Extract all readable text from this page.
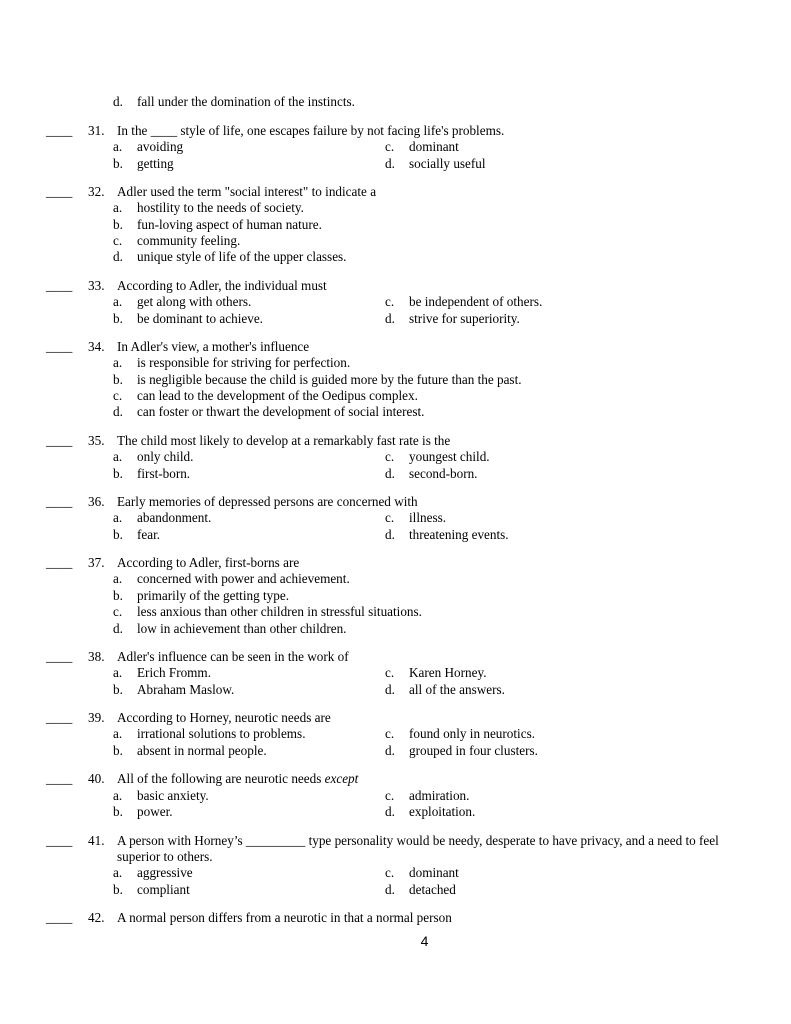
d. fall under the domination of the instincts.
____ 31. In the ____ style of life, one escapes failure by not facing life's problems.
a. avoiding
b. getting
c. dominant
d. socially useful
____ 32. Adler used the term "social interest" to indicate a
a. hostility to the needs of society.
b. fun-loving aspect of human nature.
c. community feeling.
d. unique style of life of the upper classes.
____ 33. According to Adler, the individual must
a. get along with others.
b. be dominant to achieve.
c. be independent of others.
d. strive for superiority.
____ 34. In Adler's view, a mother's influence
a. is responsible for striving for perfection.
b. is negligible because the child is guided more by the future than the past.
c. can lead to the development of the Oedipus complex.
d. can foster or thwart the development of social interest.
____ 35. The child most likely to develop at a remarkably fast rate is the
a. only child.
b. first-born.
c. youngest child.
d. second-born.
____ 36. Early memories of depressed persons are concerned with
a. abandonment.
b. fear.
c. illness.
d. threatening events.
____ 37. According to Adler, first-borns are
a. concerned with power and achievement.
b. primarily of the getting type.
c. less anxious than other children in stressful situations.
d. low in achievement than other children.
____ 38. Adler's influence can be seen in the work of
a. Erich Fromm.
b. Abraham Maslow.
c. Karen Horney.
d. all of the answers.
____ 39. According to Horney, neurotic needs are
a. irrational solutions to problems.
b. absent in normal people.
c. found only in neurotics.
d. grouped in four clusters.
____ 40. All of the following are neurotic needs except
a. basic anxiety.
b. power.
c. admiration.
d. exploitation.
____ 41. A person with Horney’s _________ type personality would be needy, desperate to have privacy, and a need to feel superior to others.
a. aggressive
b. compliant
c. dominant
d. detached
____ 42. A normal person differs from a neurotic in that a normal person
4
